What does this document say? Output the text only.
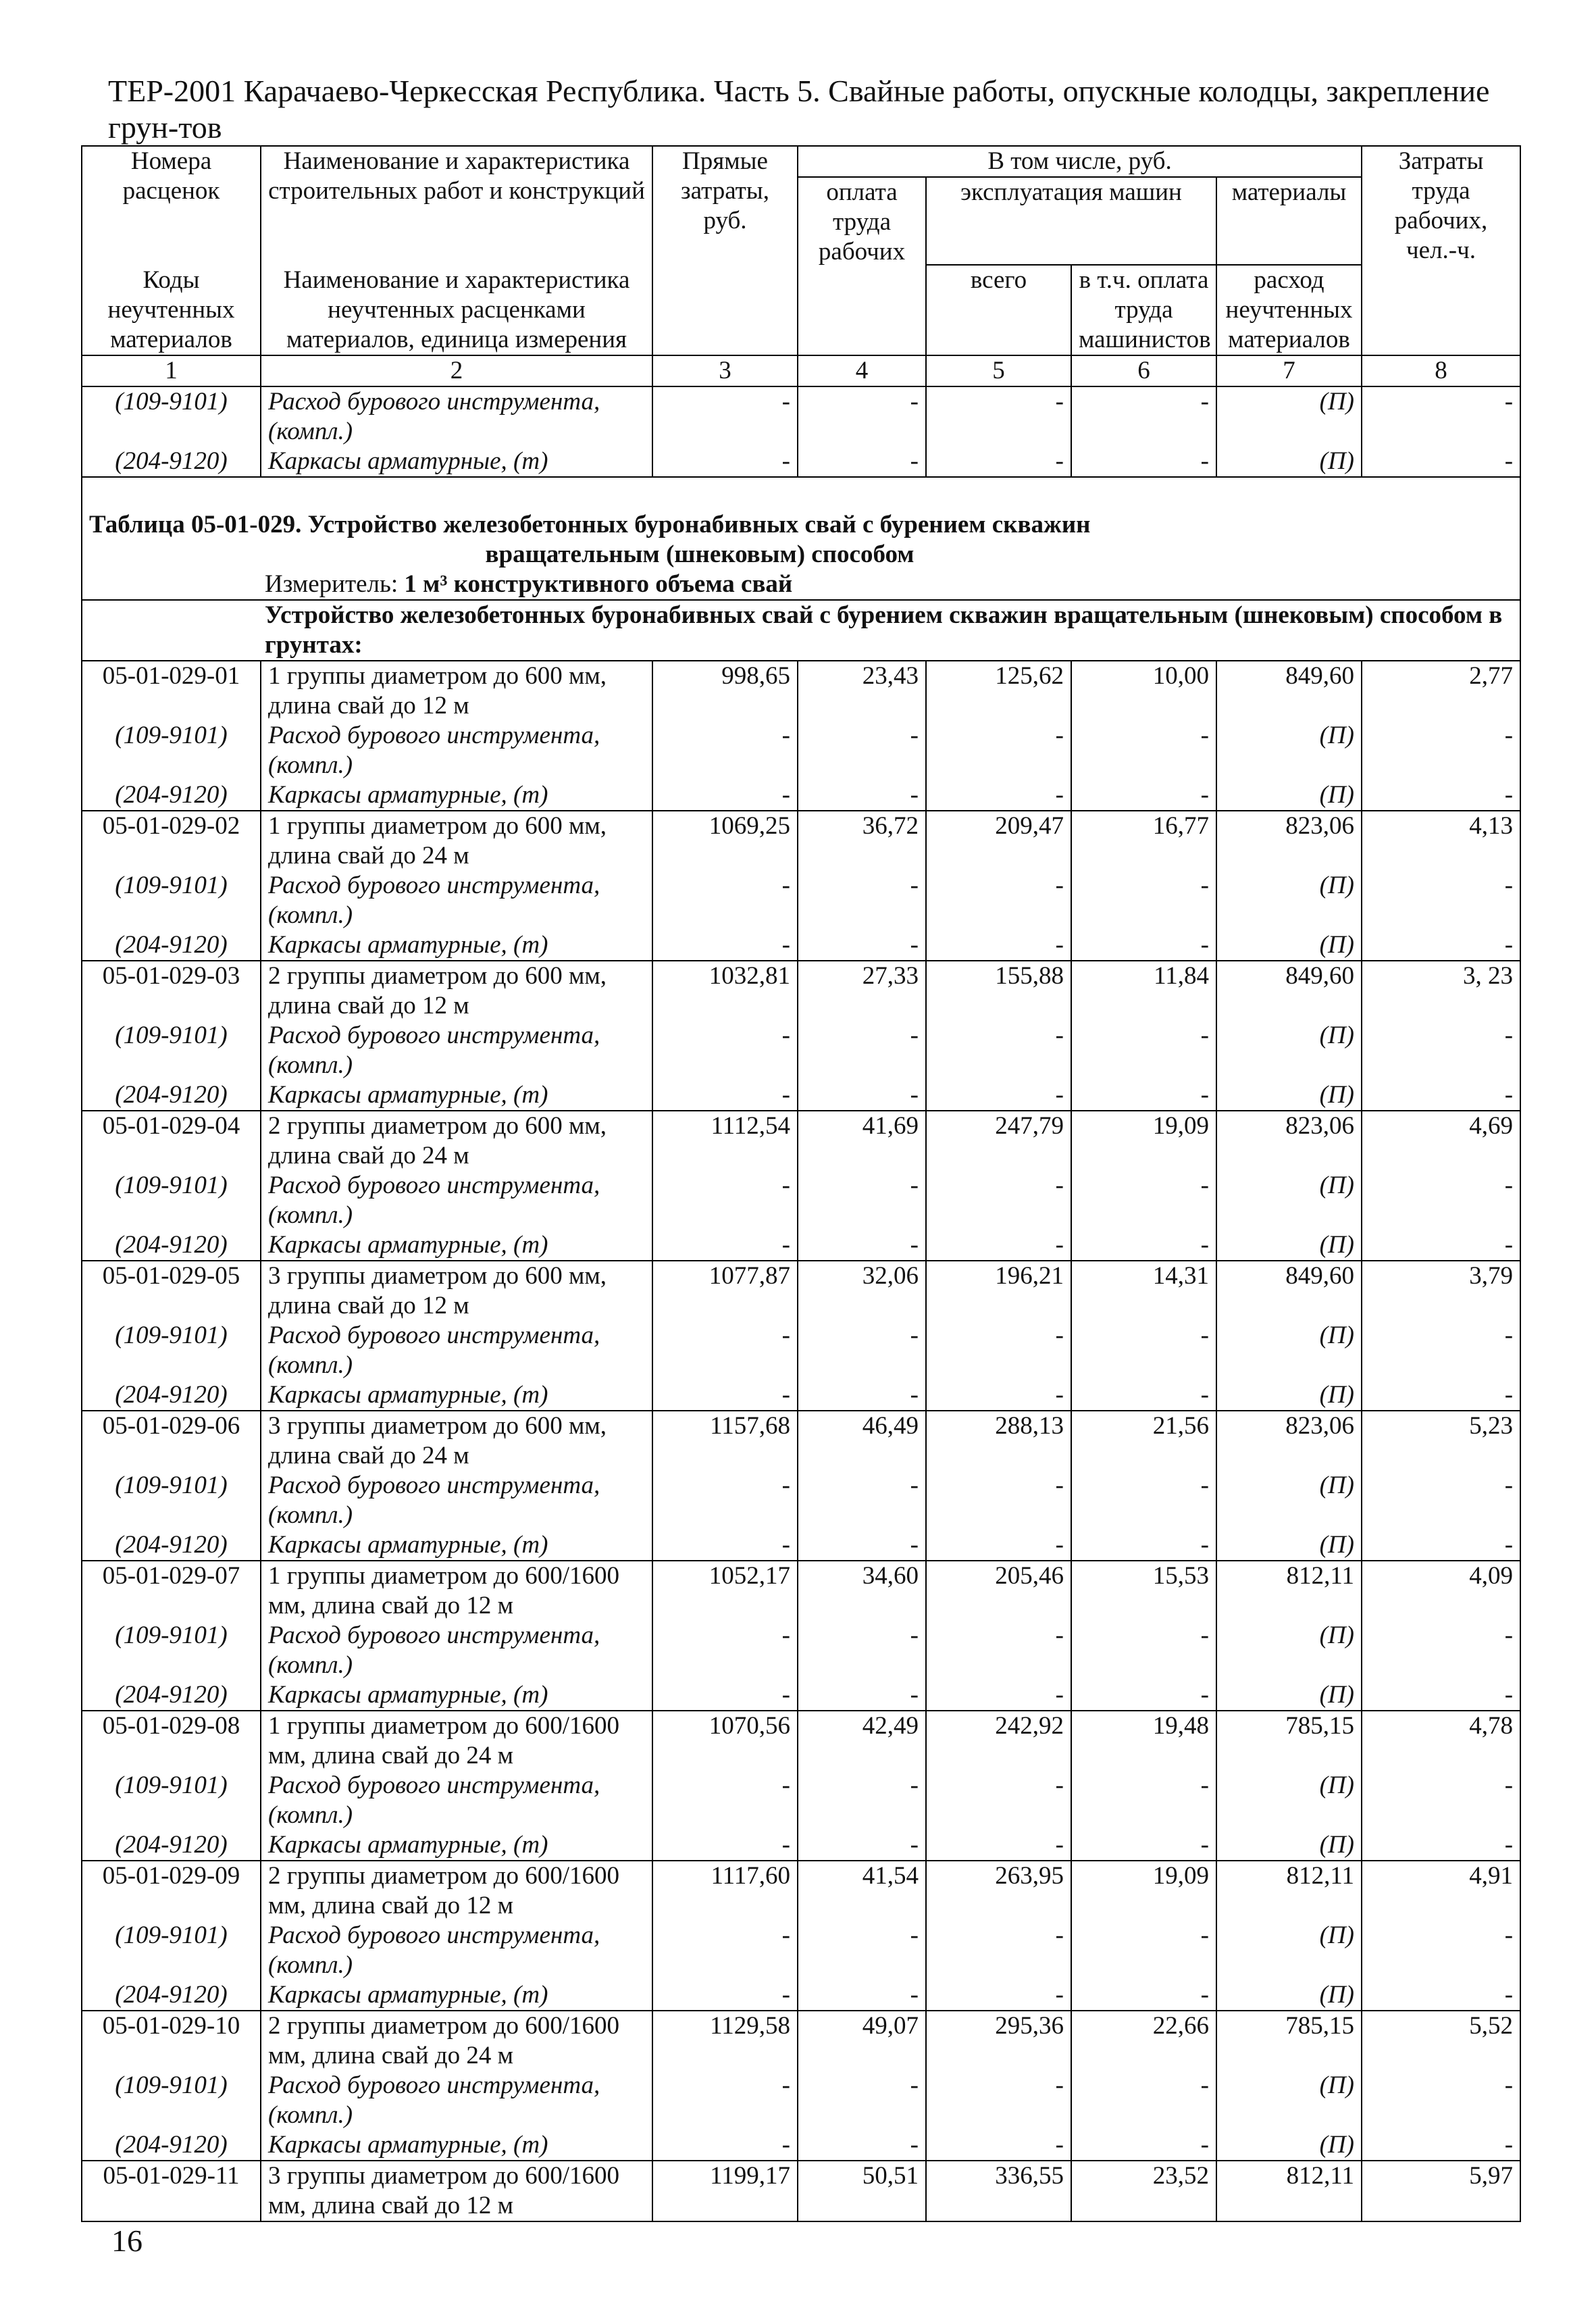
ТЕР-2001 Карачаево-Черкесская Республика. Часть 5. Свайные работы, опускные колодцы, закрепление грун-тов
Номера расценок

Коды неучтенных материалов	Наименование и характеристика строительных работ и конструкций

Наименование и характеристика неучтенных расценками материалов, единица измерения	Прямые затраты, руб.	В том числе, руб.				Затраты труда рабочих, чел.-ч.
			оплата труда рабочих	эксплуатация машин		материалы	
				всего	в т.ч. оплата труда машинистов	расход неучтенных материалов	
1	2	3	4	5	6	7	8
(109-9101)	Расход бурового инструмента, (компл.)	-	-	-	-	(П)	-
(204-9120)	Каркасы арматурные, (т)	-	-	-	-	(П)	-
Таблица 05-01-029. Устройство железобетонных буронабивных свай с бурением скважин
вращательным (шнековым) способом							

Измеритель: 1 м³ конструктивного объема свай							
Устройство железобетонных буронабивных свай с бурением скважин вращательным (шнековым) способом в грунтах:							
05-01-029-01	1 группы диаметром до 600 мм, длина свай до 12 м	998,65	23,43	125,62	10,00	849,60	2,77
(109-9101)	Расход бурового инструмента, (компл.)	-	-	-	-	(П)	-
(204-9120)	Каркасы арматурные, (т)	-	-	-	-	(П)	-
05-01-029-02	1 группы диаметром до 600 мм, длина свай до 24 м	1069,25	36,72	209,47	16,77	823,06	4,13
(109-9101)	Расход бурового инструмента, (компл.)	-	-	-	-	(П)	-
(204-9120)	Каркасы арматурные, (т)	-	-	-	-	(П)	-
05-01-029-03	2 группы диаметром до 600 мм, длина свай до 12 м	1032,81	27,33	155,88	11,84	849,60	3, 23
(109-9101)	Расход бурового инструмента, (компл.)	-	-	-	-	(П)	-
(204-9120)	Каркасы арматурные, (т)	-	-	-	-	(П)	-
05-01-029-04	2 группы диаметром до 600 мм, длина свай до 24 м	1112,54	41,69	247,79	19,09	823,06	4,69
(109-9101)	Расход бурового инструмента, (компл.)	-	-	-	-	(П)	-
(204-9120)	Каркасы арматурные, (т)	-	-	-	-	(П)	-
05-01-029-05	3 группы диаметром до 600 мм, длина свай до 12 м	1077,87	32,06	196,21	14,31	849,60	3,79
(109-9101)	Расход бурового инструмента, (компл.)	-	-	-	-	(П)	-
(204-9120)	Каркасы арматурные, (т)	-	-	-	-	(П)	-
05-01-029-06	3 группы диаметром до 600 мм, длина свай до 24 м	1157,68	46,49	288,13	21,56	823,06	5,23
(109-9101)	Расход бурового инструмента, (компл.)	-	-	-	-	(П)	-
(204-9120)	Каркасы арматурные, (т)	-	-	-	-	(П)	-
05-01-029-07	1 группы диаметром до 600/1600 мм, длина свай до 12 м	1052,17	34,60	205,46	15,53	812,11	4,09
(109-9101)	Расход бурового инструмента, (компл.)	-	-	-	-	(П)	-
(204-9120)	Каркасы арматурные, (т)	-	-	-	-	(П)	-
05-01-029-08	1 группы диаметром до 600/1600 мм, длина свай до 24 м	1070,56	42,49	242,92	19,48	785,15	4,78
(109-9101)	Расход бурового инструмента, (компл.)	-	-	-	-	(П)	-
(204-9120)	Каркасы арматурные, (т)	-	-	-	-	(П)	-
05-01-029-09	2 группы диаметром до 600/1600 мм, длина свай до 12 м	1117,60	41,54	263,95	19,09	812,11	4,91
(109-9101)	Расход бурового инструмента, (компл.)	-	-	-	-	(П)	-
(204-9120)	Каркасы арматурные, (т)	-	-	-	-	(П)	-
05-01-029-10	2 группы диаметром до 600/1600 мм, длина свай до 24 м	1129,58	49,07	295,36	22,66	785,15	5,52
(109-9101)	Расход бурового инструмента, (компл.)	-	-	-	-	(П)	-
(204-9120)	Каркасы арматурные, (т)	-	-	-	-	(П)	-
05-01-029-11	3 группы диаметром до 600/1600 мм, длина свай до 12 м	1199,17	50,51	336,55	23,52	812,11	5,97
16
